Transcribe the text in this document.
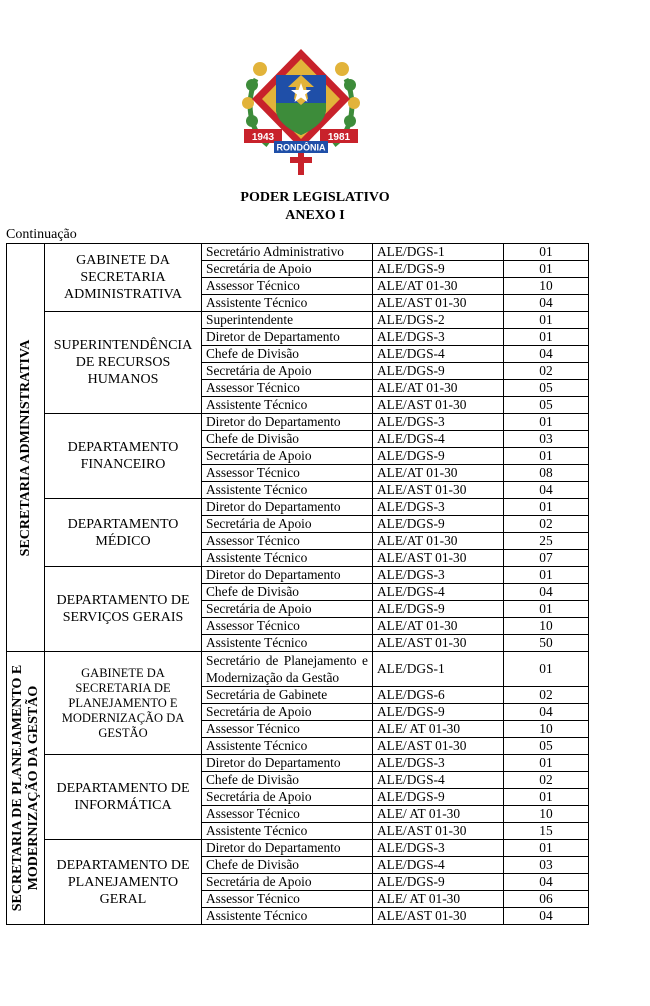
1943	1981
RONDÔNIA
PODER LEGISLATIVO
ANEXO I
Continuação
SECRETARIA ADMINISTRATIVA	GABINETE DA SECRETARIA ADMINISTRATIVA	Secretário Administrativo	ALE/DGS-1	01
		Secretária de Apoio	ALE/DGS-9	01
		Assessor Técnico	ALE/AT 01-30	10
		Assistente Técnico	ALE/AST 01-30	04
	SUPERINTENDÊNCIA DE RECURSOS HUMANOS	Superintendente	ALE/DGS-2	01
		Diretor de Departamento	ALE/DGS-3	01
		Chefe de Divisão	ALE/DGS-4	04
		Secretária de Apoio	ALE/DGS-9	02
		Assessor Técnico	ALE/AT 01-30	05
		Assistente Técnico	ALE/AST 01-30	05
	DEPARTAMENTO FINANCEIRO	Diretor do Departamento	ALE/DGS-3	01
		Chefe de Divisão	ALE/DGS-4	03
		Secretária de Apoio	ALE/DGS-9	01
		Assessor Técnico	ALE/AT 01-30	08
		Assistente Técnico	ALE/AST 01-30	04
	DEPARTAMENTO MÉDICO	Diretor do Departamento	ALE/DGS-3	01
		Secretária de Apoio	ALE/DGS-9	02
		Assessor Técnico	ALE/AT 01-30	25
		Assistente Técnico	ALE/AST 01-30	07
	DEPARTAMENTO DE SERVIÇOS GERAIS	Diretor do Departamento	ALE/DGS-3	01
		Chefe de Divisão	ALE/DGS-4	04
		Secretária de Apoio	ALE/DGS-9	01
		Assessor Técnico	ALE/AT 01-30	10
		Assistente Técnico	ALE/AST 01-30	50

SECRETARIA DE PLANEJAMENTO E MODERNIZAÇÃO DA GESTÃO	GABINETE DA SECRETARIA DE PLANEJAMENTO E MODERNIZAÇÃO DA GESTÃO	Secretário de Planejamento e Modernização da Gestão	ALE/DGS-1	01
		Secretária de Gabinete	ALE/DGS-6	02
		Secretária de Apoio	ALE/DGS-9	04
		Assessor Técnico	ALE/ AT 01-30	10
		Assistente Técnico	ALE/AST 01-30	05
	DEPARTAMENTO DE INFORMÁTICA	Diretor do Departamento	ALE/DGS-3	01
		Chefe de Divisão	ALE/DGS-4	02
		Secretária de Apoio	ALE/DGS-9	01
		Assessor Técnico	ALE/ AT 01-30	10
		Assistente Técnico	ALE/AST 01-30	15
	DEPARTAMENTO DE PLANEJAMENTO GERAL	Diretor do Departamento	ALE/DGS-3	01
		Chefe de Divisão	ALE/DGS-4	03
		Secretária de Apoio	ALE/DGS-9	04
		Assessor Técnico	ALE/ AT 01-30	06
		Assistente Técnico	ALE/AST 01-30	04
